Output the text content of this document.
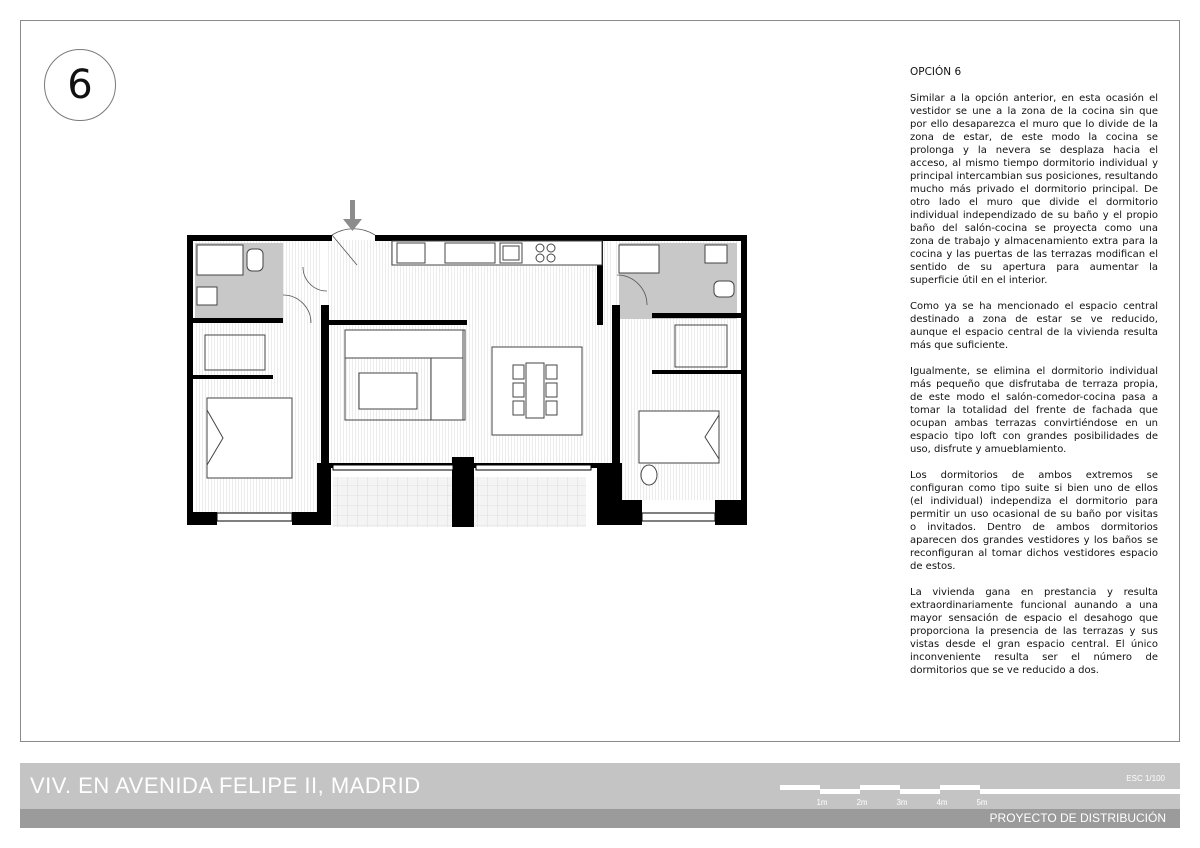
6	OPCIÓN 6

Similar a la opción anterior, en esta ocasión el vestidor se une a la zona de la cocina sin que por ello desaparezca el muro que lo divide de la zona de estar, de este modo la cocina se prolonga y la nevera se desplaza hacia el acceso, al mismo tiempo dormitorio individual y principal intercambian sus posiciones, resultando mucho más privado el dormitorio principal. De otro lado el muro que divide el dormitorio individual independizado de su baño y el propio baño del salón-cocina se proyecta como una zona de trabajo y almacenamiento extra para la cocina y las puertas de las terrazas modifican el sentido de su apertura para aumentar la superficie útil en el interior.

Como ya se ha mencionado el espacio central destinado a zona de estar se ve reducido, aunque el espacio central de la vivienda resulta más que suficiente.

Igualmente, se elimina el dormitorio individual más pequeño que disfrutaba de terraza propia, de este modo el salón-comedor-cocina pasa a tomar la totalidad del frente de fachada que ocupan ambas terrazas convirtiéndose en un espacio tipo loft con grandes posibilidades de uso, disfrute y amueblamiento.

Los dormitorios de ambos extremos se configuran como tipo suite si bien uno de ellos (el individual) independiza el dormitorio para permitir un uso ocasional de su baño por visitas o invitados. Dentro de ambos dormitorios aparecen dos grandes vestidores y los baños se reconfiguran al tomar dichos vestidores espacio de estos.

La vivienda gana en prestancia y resulta extraordinariamente funcional aunando a una mayor sensación de espacio el desahogo que proporciona la presencia de las terrazas y sus vistas desde el gran espacio central. El único inconveniente resulta ser el número de dormitorios que se ve reducido a dos.

VIV. EN AVENIDA FELIPE II, MADRID	ESC 1/100
1m	2m	3m	4m	5m
PROYECTO DE DISTRIBUCIÓN
